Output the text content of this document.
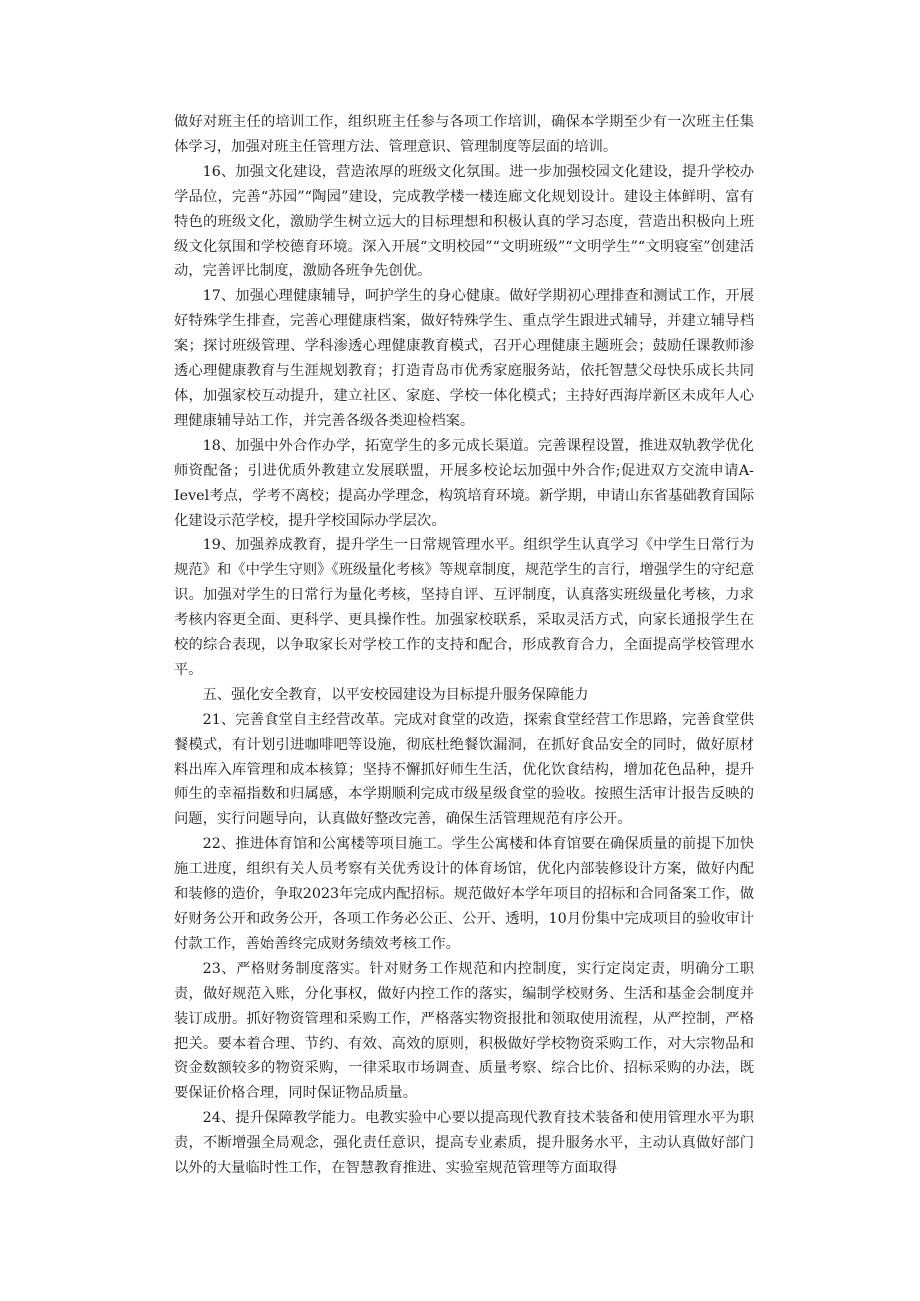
做好对班主任的培训工作，组织班主任参与各项工作培训，确保本学期至少有一次班主任集体学习，加强对班主任管理方法、管理意识、管理制度等层面的培训。

16、加强文化建设，营造浓厚的班级文化氛围。进一步加强校园文化建设，提升学校办学品位，完善“苏园”“陶园”建设，完成教学楼一楼连廊文化规划设计。建设主体鲜明、富有特色的班级文化，激励学生树立远大的目标理想和积极认真的学习态度，营造出积极向上班级文化氛围和学校德育环境。深入开展“文明校园”“文明班级”“文明学生”“文明寝室”创建活动，完善评比制度，激励各班争先创优。

17、加强心理健康辅导，呵护学生的身心健康。做好学期初心理排查和测试工作，开展好特殊学生排查，完善心理健康档案，做好特殊学生、重点学生跟进式辅导，并建立辅导档案；探讨班级管理、学科渗透心理健康教育模式，召开心理健康主题班会；鼓励任课教师渗透心理健康教育与生涯规划教育；打造青岛市优秀家庭服务站，依托智慧父母快乐成长共同体，加强家校互动提升，建立社区、家庭、学校一体化模式；主持好西海岸新区未成年人心理健康辅导站工作，并完善各级各类迎检档案。

18、加强中外合作办学，拓宽学生的多元成长渠道。完善课程设置，推进双轨教学优化师资配备；引进优质外教建立发展联盟，开展多校论坛加强中外合作;促进双方交流申请A-Ievel考点，学考不离校；提高办学理念，构筑培育环境。新学期，申请山东省基础教育国际化建设示范学校，提升学校国际办学层次。

19、加强养成教育，提升学生一日常规管理水平。组织学生认真学习《中学生日常行为规范》和《中学生守则》《班级量化考核》等规章制度，规范学生的言行，增强学生的守纪意识。加强对学生的日常行为量化考核，坚持自评、互评制度，认真落实班级量化考核，力求考核内容更全面、更科学、更具操作性。加强家校联系，采取灵活方式，向家长通报学生在校的综合表现，以争取家长对学校工作的支持和配合，形成教育合力，全面提高学校管理水平。

五、强化安全教育，以平安校园建设为目标提升服务保障能力

21、完善食堂自主经营改革。完成对食堂的改造，探索食堂经营工作思路，完善食堂供餐模式，有计划引进咖啡吧等设施，彻底杜绝餐饮漏洞，在抓好食品安全的同时，做好原材料出库入库管理和成本核算；坚持不懈抓好师生生活，优化饮食结构，增加花色品种，提升师生的幸福指数和归属感，本学期顺利完成市级星级食堂的验收。按照生活审计报告反映的问题，实行问题导向，认真做好整改完善，确保生活管理规范有序公开。

22、推进体育馆和公寓楼等项目施工。学生公寓楼和体育馆要在确保质量的前提下加快施工进度，组织有关人员考察有关优秀设计的体育场馆，优化内部装修设计方案，做好内配和装修的造价，争取2023年完成内配招标。规范做好本学年项目的招标和合同备案工作，做好财务公开和政务公开，各项工作务必公正、公开、透明，10月份集中完成项目的验收审计付款工作，善始善终完成财务绩效考核工作。

23、严格财务制度落实。针对财务工作规范和内控制度，实行定岗定责，明确分工职责，做好规范入账，分化事权，做好内控工作的落实，编制学校财务、生活和基金会制度并装订成册。抓好物资管理和采购工作，严格落实物资报批和领取使用流程，从严控制，严格把关。要本着合理、节约、有效、高效的原则，积极做好学校物资采购工作，对大宗物品和资金数额较多的物资采购，一律采取市场调查、质量考察、综合比价、招标采购的办法，既要保证价格合理，同时保证物品质量。

24、提升保障教学能力。电教实验中心要以提高现代教育技术装备和使用管理水平为职责，不断增强全局观念，强化责任意识，提高专业素质，提升服务水平，主动认真做好部门以外的大量临时性工作，在智慧教育推进、实验室规范管理等方面取得
